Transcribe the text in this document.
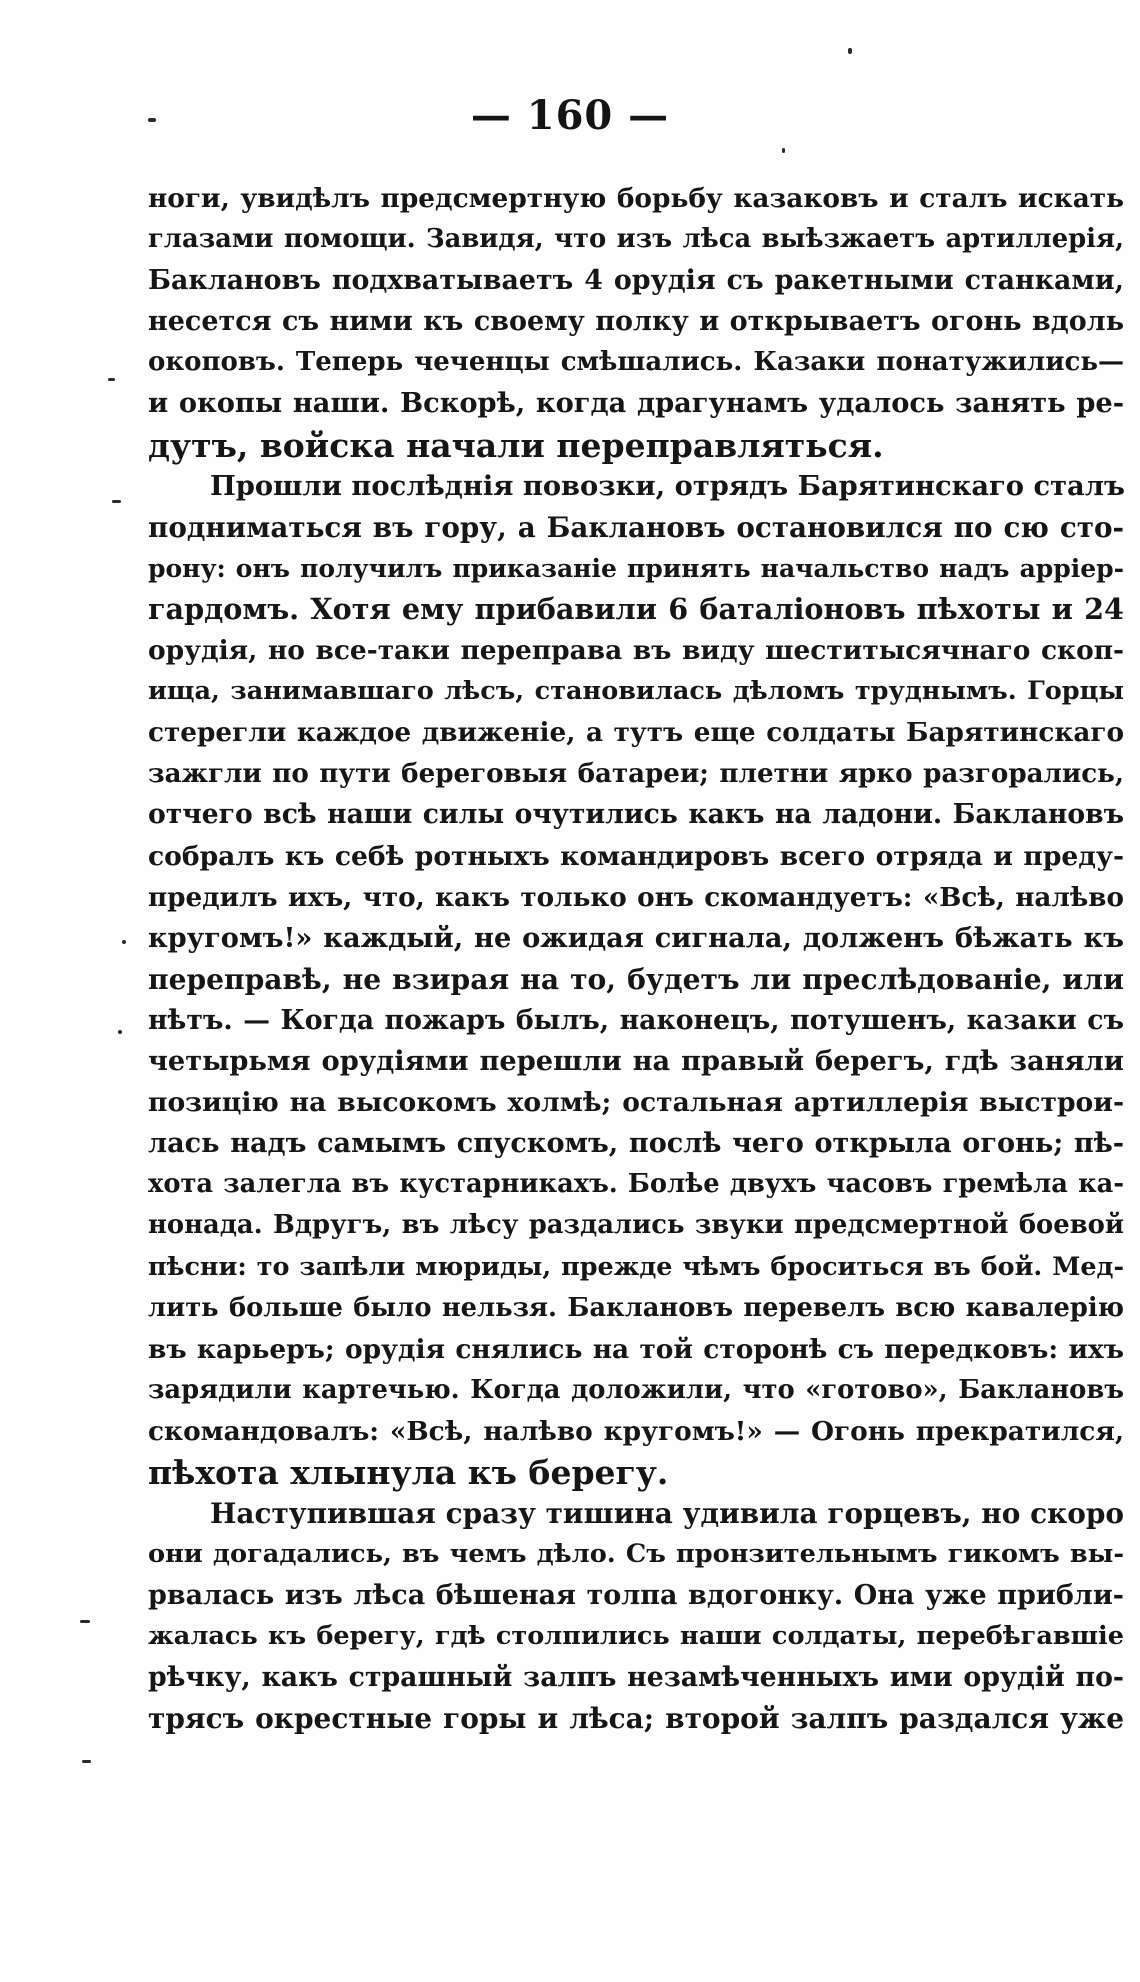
— 160 —
ноги, увидѣлъ предсмертную борьбу казаковъ и сталъ искать
глазами помощи. Завидя, что изъ лѣса выѣзжаетъ артиллерія,
Баклановъ подхватываетъ 4 орудія съ ракетными станками,
несется съ ними къ своему полку и открываетъ огонь вдоль
окоповъ. Теперь чеченцы смѣшались. Казаки понатужились—
и окопы наши. Вскорѣ, когда драгунамъ удалось занять ре-
дутъ, войска начали переправляться.
Прошли послѣднія повозки, отрядъ Барятинскаго сталъ
подниматься въ гору, а Баклановъ остановился по сю сто-
рону: онъ получилъ приказаніе принять начальство надъ аррiер-
гардомъ. Хотя ему прибавили 6 баталіоновъ пѣхоты и 24
орудія, но все-таки переправа въ виду шеститысячнаго скоп-
ища, занимавшаго лѣсъ, становилась дѣломъ труднымъ. Горцы
стерегли каждое движеніе, а тутъ еще солдаты Барятинскаго
зажгли по пути береговыя батареи; плетни ярко разгорались,
отчего всѣ наши силы очутились какъ на ладони. Баклановъ
собралъ къ себѣ ротныхъ командировъ всего отряда и преду-
предилъ ихъ, что, какъ только онъ скомандуетъ: «Всѣ, налѣво
кругомъ!» каждый, не ожидая сигнала, долженъ бѣжать къ
переправѣ, не взирая на то, будетъ ли преслѣдованіе, или
нѣтъ. — Когда пожаръ былъ, наконецъ, потушенъ, казаки съ
четырьмя орудіями перешли на правый берегъ, гдѣ заняли
позицію на высокомъ холмѣ; остальная артиллерія выстрои-
лась надъ самымъ спускомъ, послѣ чего открыла огонь; пѣ-
хота залегла въ кустарникахъ. Болѣе двухъ часовъ гремѣла ка-
нонада. Вдругъ, въ лѣсу раздались звуки предсмертной боевой
пѣсни: то запѣли мюриды, прежде чѣмъ броситься въ бой. Мед-
лить больше было нельзя. Баклановъ перевелъ всю кавалерію
въ карьеръ; орудія снялись на той сторонѣ съ передковъ: ихъ
зарядили картечью. Когда доложили, что «готово», Баклановъ
скомандовалъ: «Всѣ, налѣво кругомъ!» — Огонь прекратился,
пѣхота хлынула къ берегу.
Наступившая сразу тишина удивила горцевъ, но скоро
они догадались, въ чемъ дѣло. Съ пронзительнымъ гикомъ вы-
рвалась изъ лѣса бѣшеная толпа вдогонку. Она уже прибли-
жалась къ берегу, гдѣ столпились наши солдаты, перебѣгавшіе
рѣчку, какъ страшный залпъ незамѣченныхъ ими орудій по-
трясъ окрестные горы и лѣса; второй залпъ раздался уже
